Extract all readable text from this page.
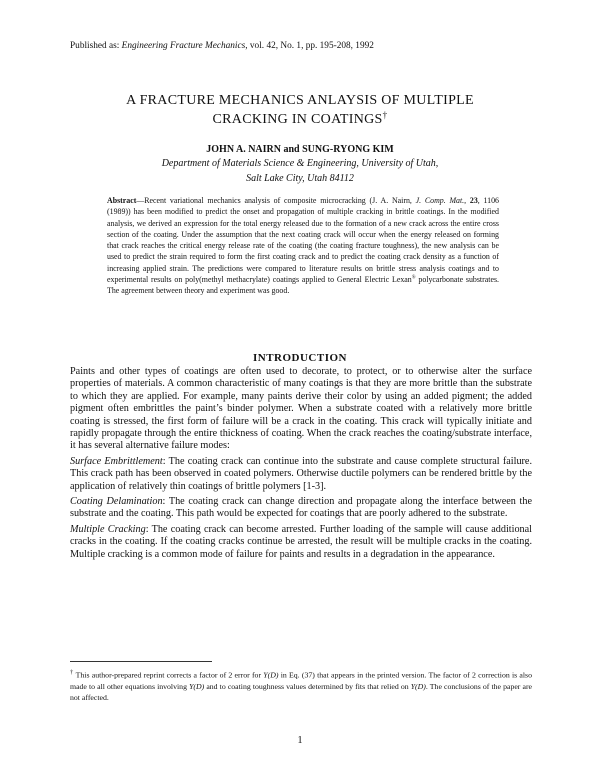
Published as: Engineering Fracture Mechanics, vol. 42, No. 1, pp. 195-208, 1992
A FRACTURE MECHANICS ANLAYSIS OF MULTIPLE
CRACKING IN COATINGS†
JOHN A. NAIRN and SUNG-RYONG KIM
Department of Materials Science & Engineering, University of Utah,
Salt Lake City, Utah 84112
Abstract—Recent variational mechanics analysis of composite microcracking (J. A. Nairn, J. Comp. Mat., 23, 1106 (1989)) has been modified to predict the onset and propagation of multiple cracking in brittle coatings. In the modified analysis, we derived an expression for the total energy released due to the formation of a new crack across the entire cross section of the coating. Under the assumption that the next coating crack will occur when the energy released on forming that crack reaches the critical energy release rate of the coating (the coating fracture toughness), the new analysis can be used to predict the strain required to form the first coating crack and to predict the coating crack density as a function of increasing applied strain. The predictions were compared to literature results on brittle stress analysis coatings and to experimental results on poly(methyl methacrylate) coatings applied to General Electric Lexan® polycarbonate substrates. The agreement between theory and experiment was good.
INTRODUCTION

Paints and other types of coatings are often used to decorate, to protect, or to otherwise alter the surface properties of materials. A common characteristic of many coatings is that they are more brittle than the substrate to which they are applied. For example, many paints derive their color by using an added pigment; the added pigment often embrittles the paint’s binder polymer. When a substrate coated with a relatively more brittle coating is stressed, the first form of failure will be a crack in the coating. This crack will typically initiate and rapidly propagate through the entire thickness of coating. When the crack reaches the coating/substrate interface, it has several alternative failure modes:

Surface Embrittlement: The coating crack can continue into the substrate and cause complete structural failure. This crack path has been observed in coated polymers. Otherwise ductile polymers can be rendered brittle by the application of relatively thin coatings of brittle polymers [1-3].

Coating Delamination: The coating crack can change direction and propagate along the interface between the substrate and the coating. This path would be expected for coatings that are poorly adhered to the substrate.

Multiple Cracking: The coating crack can become arrested. Further loading of the sample will cause additional cracks in the coating. If the coating cracks continue be arrested, the result will be multiple cracks in the coating. Multiple cracking is a common mode of failure for paints and results in a degradation in the appearance.

† This author-prepared reprint corrects a factor of 2 error for Y(D) in Eq. (37) that appears in the printed version. The factor of 2 correction is also made to all other equations involving Y(D) and to coating toughness values determined by fits that relied on Y(D). The conclusions of the paper are not affected.
1
